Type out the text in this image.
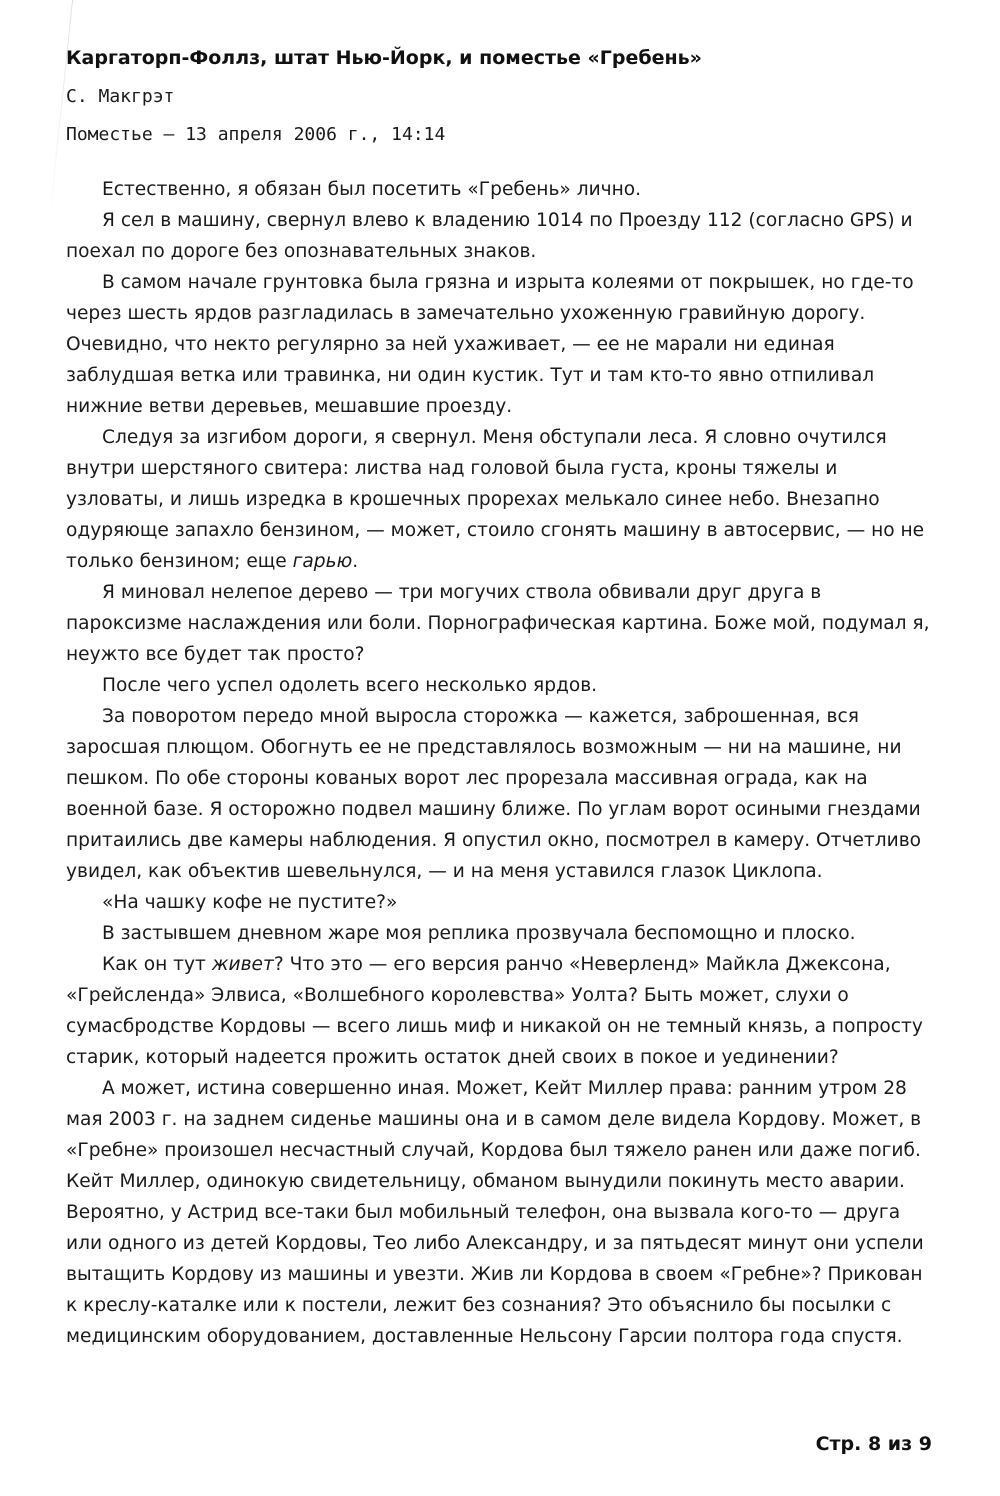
Каргаторп-Фоллз, штат Нью-Йорк, и поместье «Гребень»
С. Макгрэт
Поместье — 13 апреля 2006 г., 14:14

Естественно, я обязан был посетить «Гребень» лично.

Я сел в машину, свернул влево к владению 1014 по Проезду 112 (согласно GPS) и поехал по дороге без опознавательных знаков.

В самом начале грунтовка была грязна и изрыта колеями от покрышек, но где-то через шесть ярдов разгладилась в замечательно ухоженную гравийную дорогу. Очевидно, что некто регулярно за ней ухаживает, — ее не марали ни единая заблудшая ветка или травинка, ни один кустик. Тут и там кто-то явно отпиливал нижние ветви деревьев, мешавшие проезду.

Следуя за изгибом дороги, я свернул. Меня обступали леса. Я словно очутился внутри шерстяного свитера: листва над головой была густа, кроны тяжелы и узловаты, и лишь изредка в крошечных прорехах мелькало синее небо. Внезапно одуряюще запахло бензином, — может, стоило сгонять машину в автосервис, — но не только бензином; еще гарью.

Я миновал нелепое дерево — три могучих ствола обвивали друг друга в пароксизме наслаждения или боли. Порнографическая картина. Боже мой, подумал я, неужто все будет так просто?

После чего успел одолеть всего несколько ярдов.

За поворотом передо мной выросла сторожка — кажется, заброшенная, вся заросшая плющом. Обогнуть ее не представлялось возможным — ни на машине, ни пешком. По обе стороны кованых ворот лес прорезала массивная ограда, как на военной базе. Я осторожно подвел машину ближе. По углам ворот осиными гнездами притаились две камеры наблюдения. Я опустил окно, посмотрел в камеру. Отчетливо увидел, как объектив шевельнулся, — и на меня уставился глазок Циклопа.

«На чашку кофе не пустите?»

В застывшем дневном жаре моя реплика прозвучала беспомощно и плоско.

Как он тут живет? Что это — его версия ранчо «Неверленд» Майкла Джексона, «Грейсленда» Элвиса, «Волшебного королевства» Уолта? Быть может, слухи о сумасбродстве Кордовы — всего лишь миф и никакой он не темный князь, а попросту старик, который надеется прожить остаток дней своих в покое и уединении?

А может, истина совершенно иная. Может, Кейт Миллер права: ранним утром 28 мая 2003 г. на заднем сиденье машины она и в самом деле видела Кордову. Может, в «Гребне» произошел несчастный случай, Кордова был тяжело ранен или даже погиб. Кейт Миллер, одинокую свидетельницу, обманом вынудили покинуть место аварии. Вероятно, у Астрид все-таки был мобильный телефон, она вызвала кого-то — друга или одного из детей Кордовы, Тео либо Александру, и за пятьдесят минут они успели вытащить Кордову из машины и увезти. Жив ли Кордова в своем «Гребне»? Прикован к креслу-каталке или к постели, лежит без сознания? Это объяснило бы посылки с медицинским оборудованием, доставленные Нельсону Гарсии полтора года спустя.

Стр. 8 из 9
